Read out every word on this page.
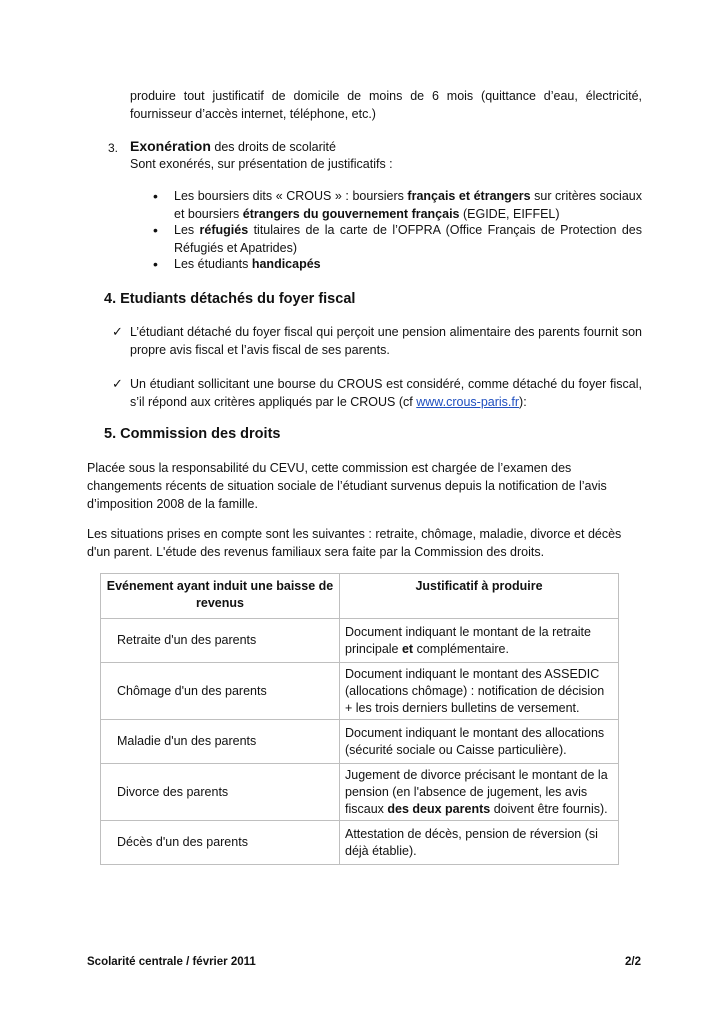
produire tout justificatif de domicile de moins de 6 mois (quittance d’eau, électricité,
fournisseur d’accès internet, téléphone, etc.)
3. Exonération des droits de scolarité
Sont exonérés, sur présentation de justificatifs :
• Les boursiers dits « CROUS » : boursiers français et étrangers sur critères sociaux et boursiers étrangers du gouvernement français (EGIDE, EIFFEL)
• Les réfugiés titulaires de la carte de l’OFPRA (Office Français de Protection des Réfugiés et Apatrides)
• Les étudiants handicapés
4. Etudiants détachés du foyer fiscal
✓ L’étudiant détaché du foyer fiscal qui perçoit une pension alimentaire des parents fournit son propre avis fiscal et l’avis fiscal de ses parents.
✓ Un étudiant sollicitant une bourse du CROUS est considéré, comme détaché du foyer fiscal, s’il répond aux critères appliqués par le CROUS (cf www.crous-paris.fr):
5. Commission des droits
Placée sous la responsabilité du CEVU, cette commission est chargée de l’examen des changements récents de situation sociale de l’étudiant survenus depuis la notification de l’avis d’imposition 2008 de la famille.
Les situations prises en compte sont les suivantes : retraite, chômage, maladie, divorce et décès d'un parent. L'étude des revenus familiaux sera faite par la Commission des droits.
Evénement ayant induit une baisse de revenus	Justificatif à produire
Retraite d'un des parents	Document indiquant le montant de la retraite principale et complémentaire.
Chômage d'un des parents	Document indiquant le montant des ASSEDIC (allocations chômage) : notification de décision + les trois derniers bulletins de versement.
Maladie d'un des parents	Document indiquant le montant des allocations (sécurité sociale ou Caisse particulière).
Divorce des parents	Jugement de divorce précisant le montant de la pension (en l'absence de jugement, les avis fiscaux des deux parents doivent être fournis).
Décès d'un des parents	Attestation de décès, pension de réversion (si déjà établie).
Scolarité centrale / février 2011	2/2
